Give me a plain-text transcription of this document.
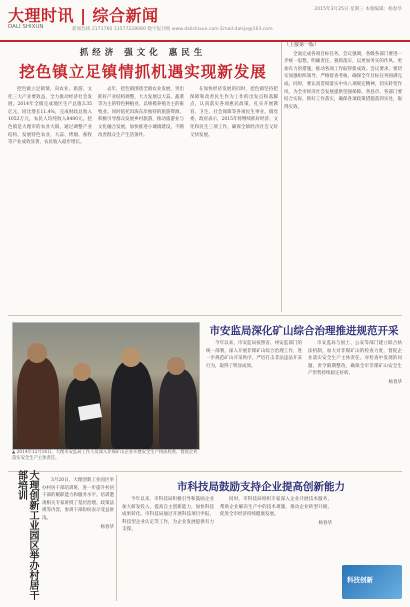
大理时讯 | 综合新闻
DALI SHIXUN	新闻热线 2171760 13577228080 数字报刊网 www.dalishixun.com Email:dalsjx@163.com
2015年3月25日 星期三 本版编辑：杨春华
抓经济 强文化 惠民生
挖色镇立足镇情抓机遇实现新发展

挖色镇立足镇情，向农业、旅游、文化三大产业要效益，全力推动经济社会发展。2014年全镇完成地区生产总值3.35亿元，同比增长11.4%，完成财政总收入1052万元，农民人均纯收入8480元。挖色镇是大理市的农业大镇，通过调整产业结构，发展特色农业，大蒜、烤烟、畜牧等产业成效显著，农民收入稳步增长。

去年，挖色镇围绕全镇农业发展，突出抓好产业结构调整，大力发展以大蒜、蔬菜等为主的特色种植业，以规模养殖为主的畜牧业。同时依托洱海东岸独特的旅游资源，积极引导群众发展乡村旅游，推动旅游业与文化融合发展，加快推进小城镇建设，不断改善群众生产生活条件。

在加快经济发展的同时，挖色镇坚持把保障和改善民生作为工作的出发点和落脚点，认真落实各项惠民政策，扎实开展教育、卫生、社会保障等各项民生事业。镇党委、政府表示，2015年将继续抓好经济、文化和民生三项工作，确保全镇经济社会又好又快发展。

（上接第一版）

全面完成各项目标任务。会议强调，各级各部门要进一步统一思想，明确责任，狠抓落实，以更加务实的作风、更加有力的措施，推动各项工作取得新成效。会议要求，要切实加强组织领导，严格督查考核，确保全年目标任务圆满完成。同时，要认真贯彻落实中央八项规定精神，切实转变作风，为全市经济社会发展提供坚强保障。各县市、各部门要结合实际，抓好工作落实，确保各项政策措施落到实处，取得实效。

▲ 2014年12月16日，大理市安监局工作人员深入非煤矿山企业开展安全生产执法检查，督促企业落实安全生产主体责任。
市安监局深化矿山综合治理推进规范开采

今年以来，市安监局按照省、州安监部门的统一部署，深入开展非煤矿山综合治理工作，进一步规范矿山开采秩序，严厉打击非法违法开采行为，取得了明显成效。

市安监局与国土、公安等部门建立联合执法机制，加大对非煤矿山的检查力度，督促企业落实安全生产主体责任。对检查中发现的问题，责令限期整改，确保全市非煤矿山安全生产形势持续稳定好转。

杨春华
大理创新工业园区举办村居干部培训	3月20日，大理创新工业园区举办村居干部培训班，进一步提升村居干部的履职能力和服务水平。培训邀请相关专家讲授了基层治理、政策法规等内容，参训干部纷纷表示受益匪浅。

杨春华
市科技局鼓励支持企业提高创新能力

今年以来，市科技局积极引导和鼓励企业加大研发投入，提高自主创新能力，加快科技成果转化。市科技局通过开展科技项目申报、科技型企业认定等工作，为企业发展提供有力支撑。

同时，市科技局组织专家深入企业开展技术服务，帮助企业解决生产中的技术难题，推动企业转型升级，促进全市经济持续健康发展。

杨春华
科技创新
